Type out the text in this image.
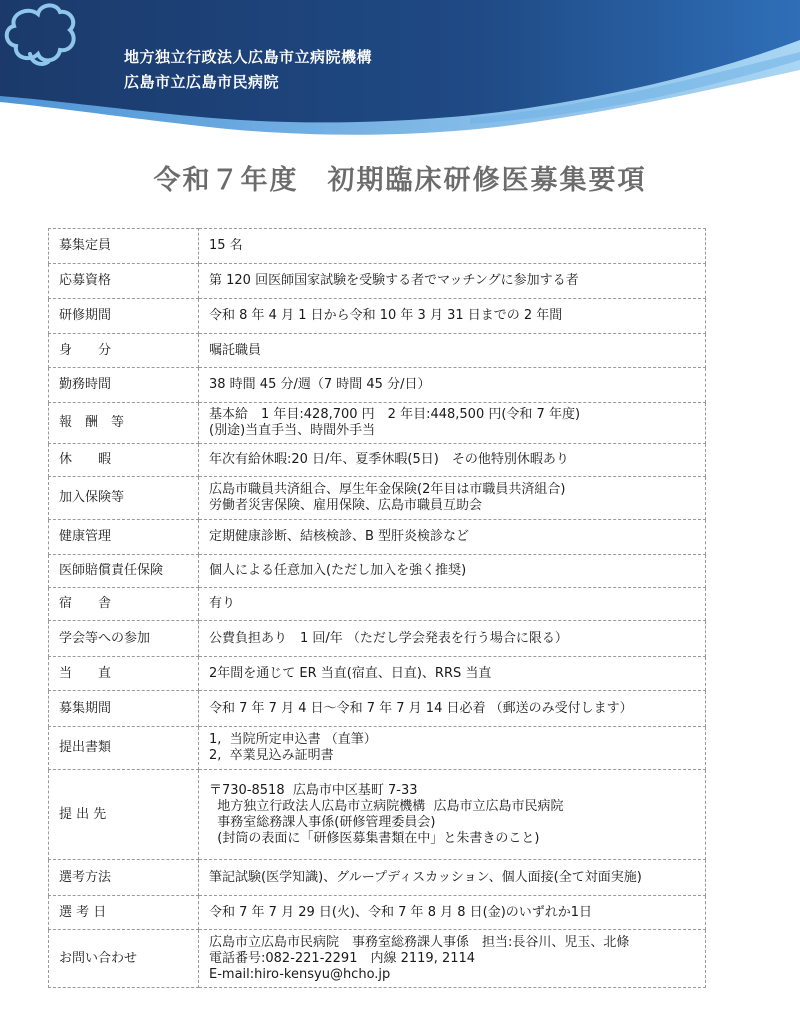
地方独立行政法人広島市立病院機構
広島市立広島市民病院
令和７年度　初期臨床研修医募集要項
募集定員	15 名

応募資格	第 120 回医師国家試験を受験する者でマッチングに参加する者

研修期間	令和 8 年 4 月 1 日から令和 10 年 3 月 31 日までの 2 年間

身　　分	嘱託職員

勤務時間	38 時間 45 分/週（7 時間 45 分/日）

報　酬　等	基本給　1 年目:428,700 円　2 年目:448,500 円(令和 7 年度)
(別途)当直手当、時間外手当

休　　暇	年次有給休暇:20 日/年、夏季休暇(5日)　その他特別休暇あり

加入保険等	広島市職員共済組合、厚生年金保険(2年目は市職員共済組合)
労働者災害保険、雇用保険、広島市職員互助会

健康管理	定期健康診断、結核検診、B 型肝炎検診など

医師賠償責任保険	個人による任意加入(ただし加入を強く推奨)

宿　　舎	有り

学会等への参加	公費負担あり　1 回/年 （ただし学会発表を行う場合に限る）

当　　直	2年間を通じて ER 当直(宿直、日直)、RRS 当直

募集期間	令和 7 年 7 月 4 日～令和 7 年 7 月 14 日必着 （郵送のみ受付します）

提出書類	1,  当院所定申込書 （直筆）
2,  卒業見込み証明書

提 出 先	〒730-8518  広島市中区基町 7-33
地方独立行政法人広島市立病院機構  広島市立広島市民病院
事務室総務課人事係(研修管理委員会)
(封筒の表面に「研修医募集書類在中」と朱書きのこと)

選考方法	筆記試験(医学知識)、グループディスカッション、個人面接(全て対面実施)

選 考 日	令和 7 年 7 月 29 日(火)、令和 7 年 8 月 8 日(金)のいずれか1日

お問い合わせ	広島市立広島市民病院　事務室総務課人事係　担当:長谷川、児玉、北條
電話番号:082-221-2291　内線 2119, 2114
E-mail:hiro-kensyu@hcho.jp
